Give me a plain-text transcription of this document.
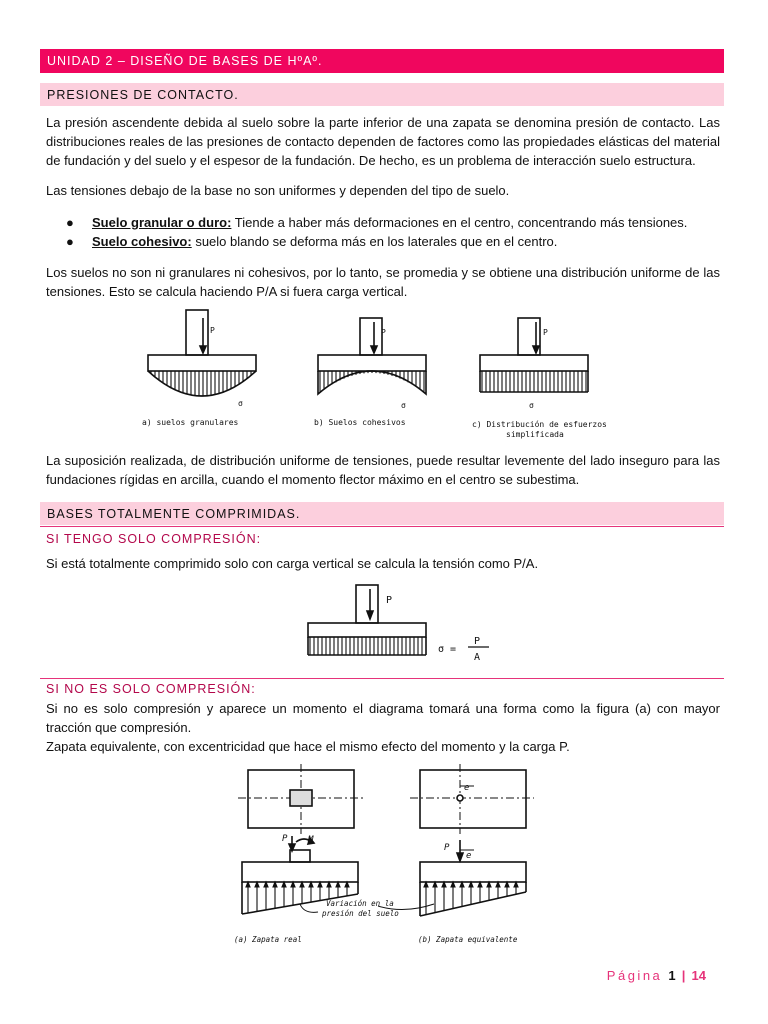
UNIDAD 2 – DISEÑO DE BASES DE HºAº.
PRESIONES DE CONTACTO.

La presión ascendente debida al suelo sobre la parte inferior de una zapata se denomina presión de contacto. Las distribuciones reales de las presiones de contacto dependen de factores como las propiedades elásticas del material de fundación y del suelo y el espesor de la fundación. De hecho, es un problema de interacción suelo estructura.

Las tensiones debajo de la base no son uniformes y dependen del tipo de suelo.

● Suelo granular o duro: Tiende a haber más deformaciones en el centro, concentrando más tensiones.
● Suelo cohesivo: suelo blando se deforma más en los laterales que en el centro.

Los suelos no son ni granulares ni cohesivos, por lo tanto, se promedia y se obtiene una distribución uniforme de las tensiones. Esto se calcula haciendo P/A si fuera carga vertical.

P	P	P
σ	σ	σ
a) suelos granulares	b) Suelos cohesivos	c) Distribución de esfuerzos
simplificada

La suposición realizada, de distribución uniforme de tensiones, puede resultar levemente del lado inseguro para las fundaciones rígidas en arcilla, cuando el momento flector máximo en el centro se subestima.

BASES TOTALMENTE COMPRIMIDAS.
SI TENGO SOLO COMPRESIÓN:

Si está totalmente comprimido solo con carga vertical se calcula la tensión como P/A.

P
σ =
P
A
SI NO ES SOLO COMPRESIÓN:

Si no es solo compresión y aparece un momento el diagrama tomará una forma como la figura (a) con mayor tracción que compresión.

Zapata equivalente, con excentricidad que hace el mismo efecto del momento y la carga P.

P M
P
e
e
Variación en la
presión del suelo
(a) Zapata real	(b) Zapata equivalente
Página 1 | 14
